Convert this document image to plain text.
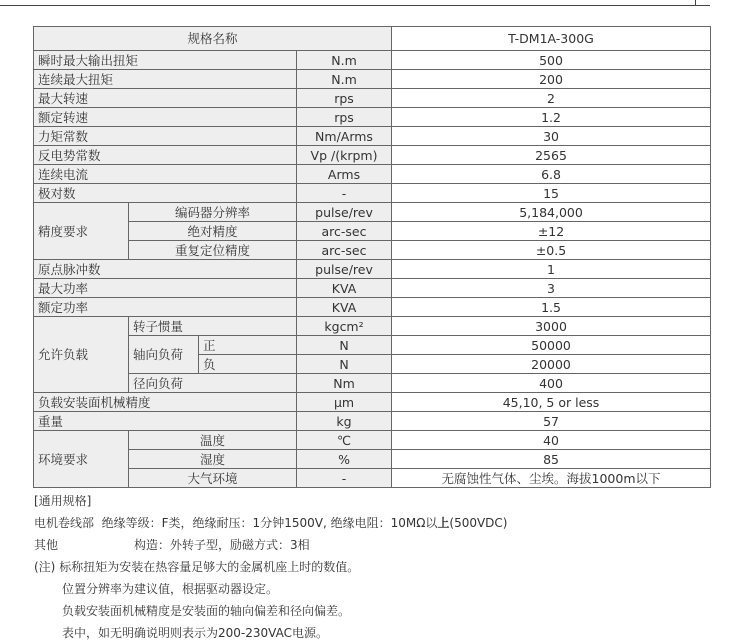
规格名称				T-DM1A-300G
瞬时最大输出扭矩			N.m	500
连续最大扭矩			N.m	200
最大转速			rps	2
额定转速			rps	1.2
力矩常数			Nm/Arms	30
反电势常数			Vp /(krpm)	2565
连续电流			Arms	6.8
极对数			-	15
精度要求	编码器分辨率		pulse/rev	5,184,000
	绝对精度		arc-sec	±12
	重复定位精度		arc-sec	±0.5
原点脉冲数			pulse/rev	1
最大功率			KVA	3
额定功率			KVA	1.5
允许负载	转子惯量		kgcm²	3000
	轴向负荷	正	N	50000
		负	N	20000
	径向负荷		Nm	400
负载安装面机械精度			μm	45,10, 5 or less
重量			kg	57
环境要求	温度		℃	40
	湿度		%	85
	大气环境		-	无腐蚀性气体、尘埃。海拔1000m以下
[通用规格]
电机卷线部 绝缘等级：F类，绝缘耐压：1分钟1500V, 绝缘电阻：10MΩ以上(500VDC)
其他	构造：外转子型，励磁方式：3相
(注) 标称扭矩为安装在热容量足够大的金属机座上时的数值。
位置分辨率为建议值，根据驱动器设定。
负载安装面机械精度是安装面的轴向偏差和径向偏差。
表中，如无明确说明则表示为200-230VAC电源。
